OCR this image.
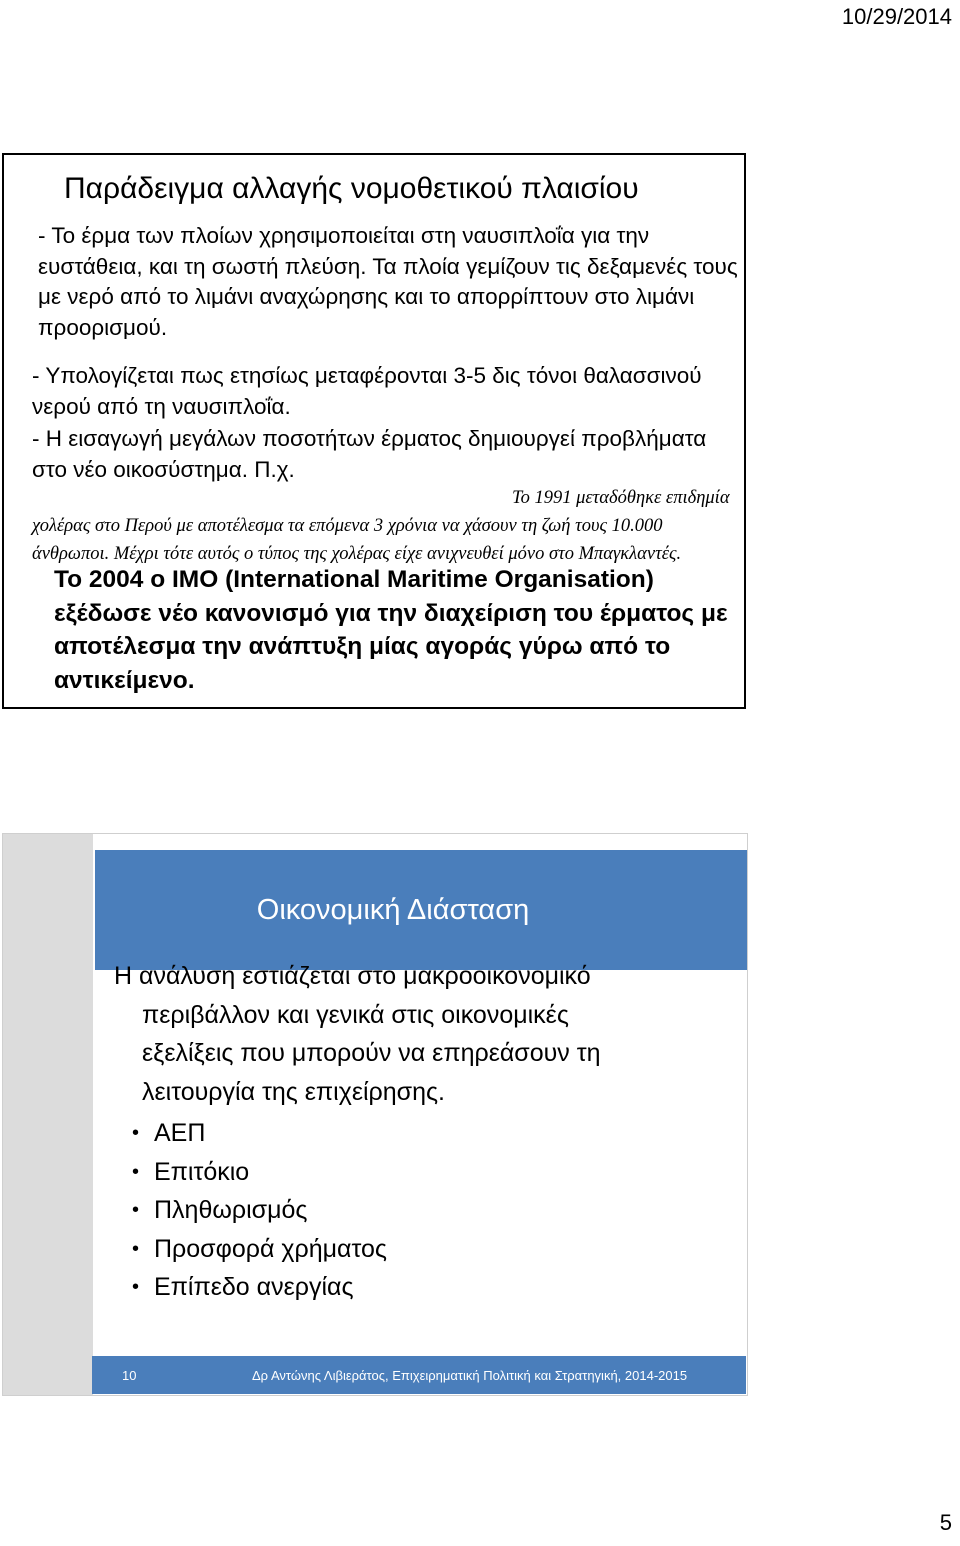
10/29/2014
Παράδειγμα αλλαγής νομοθετικού πλαισίου

- Το έρμα των πλοίων χρησιμοποιείται στη ναυσιπλοΐα για την ευστάθεια, και τη σωστή πλεύση. Τα πλοία γεμίζουν τις δεξαμενές τους με νερό από το λιμάνι αναχώρησης και το απορρίπτουν στο λιμάνι προορισμού.

- Υπολογίζεται πως ετησίως μεταφέρονται 3-5 δις τόνοι θαλασσινού νερού από τη ναυσιπλοΐα.

- Η εισαγωγή μεγάλων ποσοτήτων έρματος δημιουργεί προβλήματα στο νέο οικοσύστημα. Π.χ.

Το 1991 μεταδόθηκε επιδημία χολέρας στο Περού με αποτέλεσμα τα επόμενα 3 χρόνια να χάσουν τη ζωή τους 10.000 άνθρωποι. Μέχρι τότε αυτός ο τύπος της χολέρας είχε ανιχνευθεί μόνο στο Μπαγκλαντές.

Το 2004 ο ΙΜΟ (International Maritime Organisation) εξέδωσε νέο κανονισμό για την διαχείριση του έρματος με αποτέλεσμα την ανάπτυξη μίας αγοράς γύρω από το αντικείμενο.

Οικονομική Διάσταση

Η ανάλυση εστιάζεται στο μακροοικονομικό
περιβάλλον και γενικά στις οικονομικές
εξελίξεις που μπορούν να επηρεάσουν τη
λειτουργία της επιχείρησης.

• ΑΕΠ
• Επιτόκιο
• Πληθωρισμός
• Προσφορά χρήματος
• Επίπεδο ανεργίας
10	Δρ Αντώνης Λιβιεράτος, Επιχειρηματική Πολιτική και Στρατηγική, 2014-2015
5
